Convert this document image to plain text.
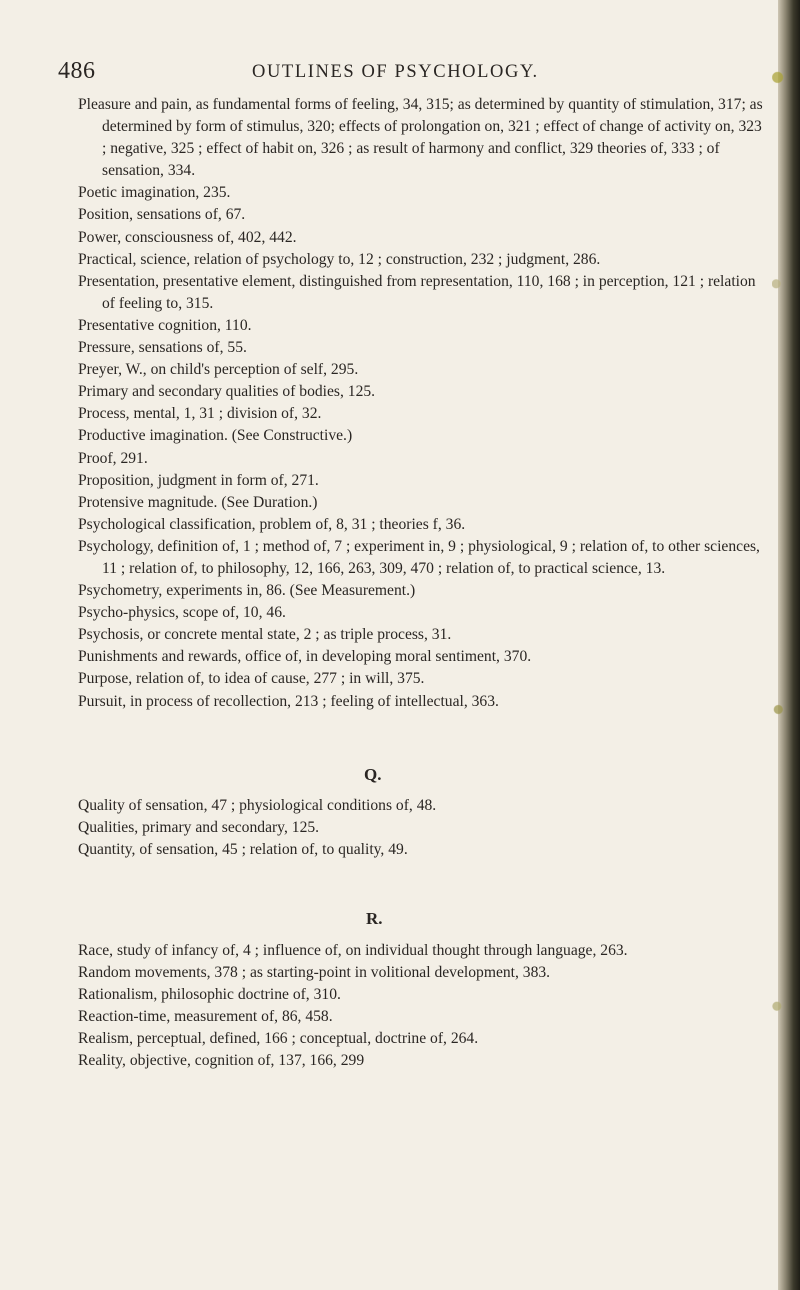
486	OUTLINES OF PSYCHOLOGY.

Pleasure and pain, as fundamental forms of feeling, 34, 315; as determined by quantity of stimulation, 317; as determined by form of stimulus, 320; effects of prolongation on, 321 ; effect of change of activity on, 323 ; negative, 325 ; effect of habit on, 326 ; as result of harmony and conflict, 329 theories of, 333 ; of sensation, 334.

Poetic imagination, 235.

Position, sensations of, 67.

Power, consciousness of, 402, 442.

Practical, science, relation of psychology to, 12 ; construction, 232 ; judgment, 286.

Presentation, presentative element, distinguished from representation, 110, 168 ; in perception, 121 ; relation of feeling to, 315.

Presentative cognition, 110.

Pressure, sensations of, 55.

Preyer, W., on child's perception of self, 295.

Primary and secondary qualities of bodies, 125.

Process, mental, 1, 31 ; division of, 32.

Productive imagination. (See Constructive.)

Proof, 291.

Proposition, judgment in form of, 271.

Protensive magnitude. (See Duration.)

Psychological classification, problem of, 8, 31 ; theories f, 36.

Psychology, definition of, 1 ; method of, 7 ; experiment in, 9 ; physiological, 9 ; relation of, to other sciences, 11 ; relation of, to philosophy, 12, 166, 263, 309, 470 ; relation of, to practical science, 13.

Psychometry, experiments in, 86. (See Measurement.)

Psycho-physics, scope of, 10, 46.

Psychosis, or concrete mental state, 2 ; as triple process, 31.

Punishments and rewards, office of, in developing moral sentiment, 370.

Purpose, relation of, to idea of cause, 277 ; in will, 375.

Pursuit, in process of recollection, 213 ; feeling of intellectual, 363.

Q.

Quality of sensation, 47 ; physiological conditions of, 48.

Qualities, primary and secondary, 125.

Quantity, of sensation, 45 ; relation of, to quality, 49.

R.

Race, study of infancy of, 4 ; influence of, on individual thought through language, 263.

Random movements, 378 ; as starting-point in volitional development, 383.

Rationalism, philosophic doctrine of, 310.

Reaction-time, measurement of, 86, 458.

Realism, perceptual, defined, 166 ; conceptual, doctrine of, 264.

Reality, objective, cognition of, 137, 166, 299
